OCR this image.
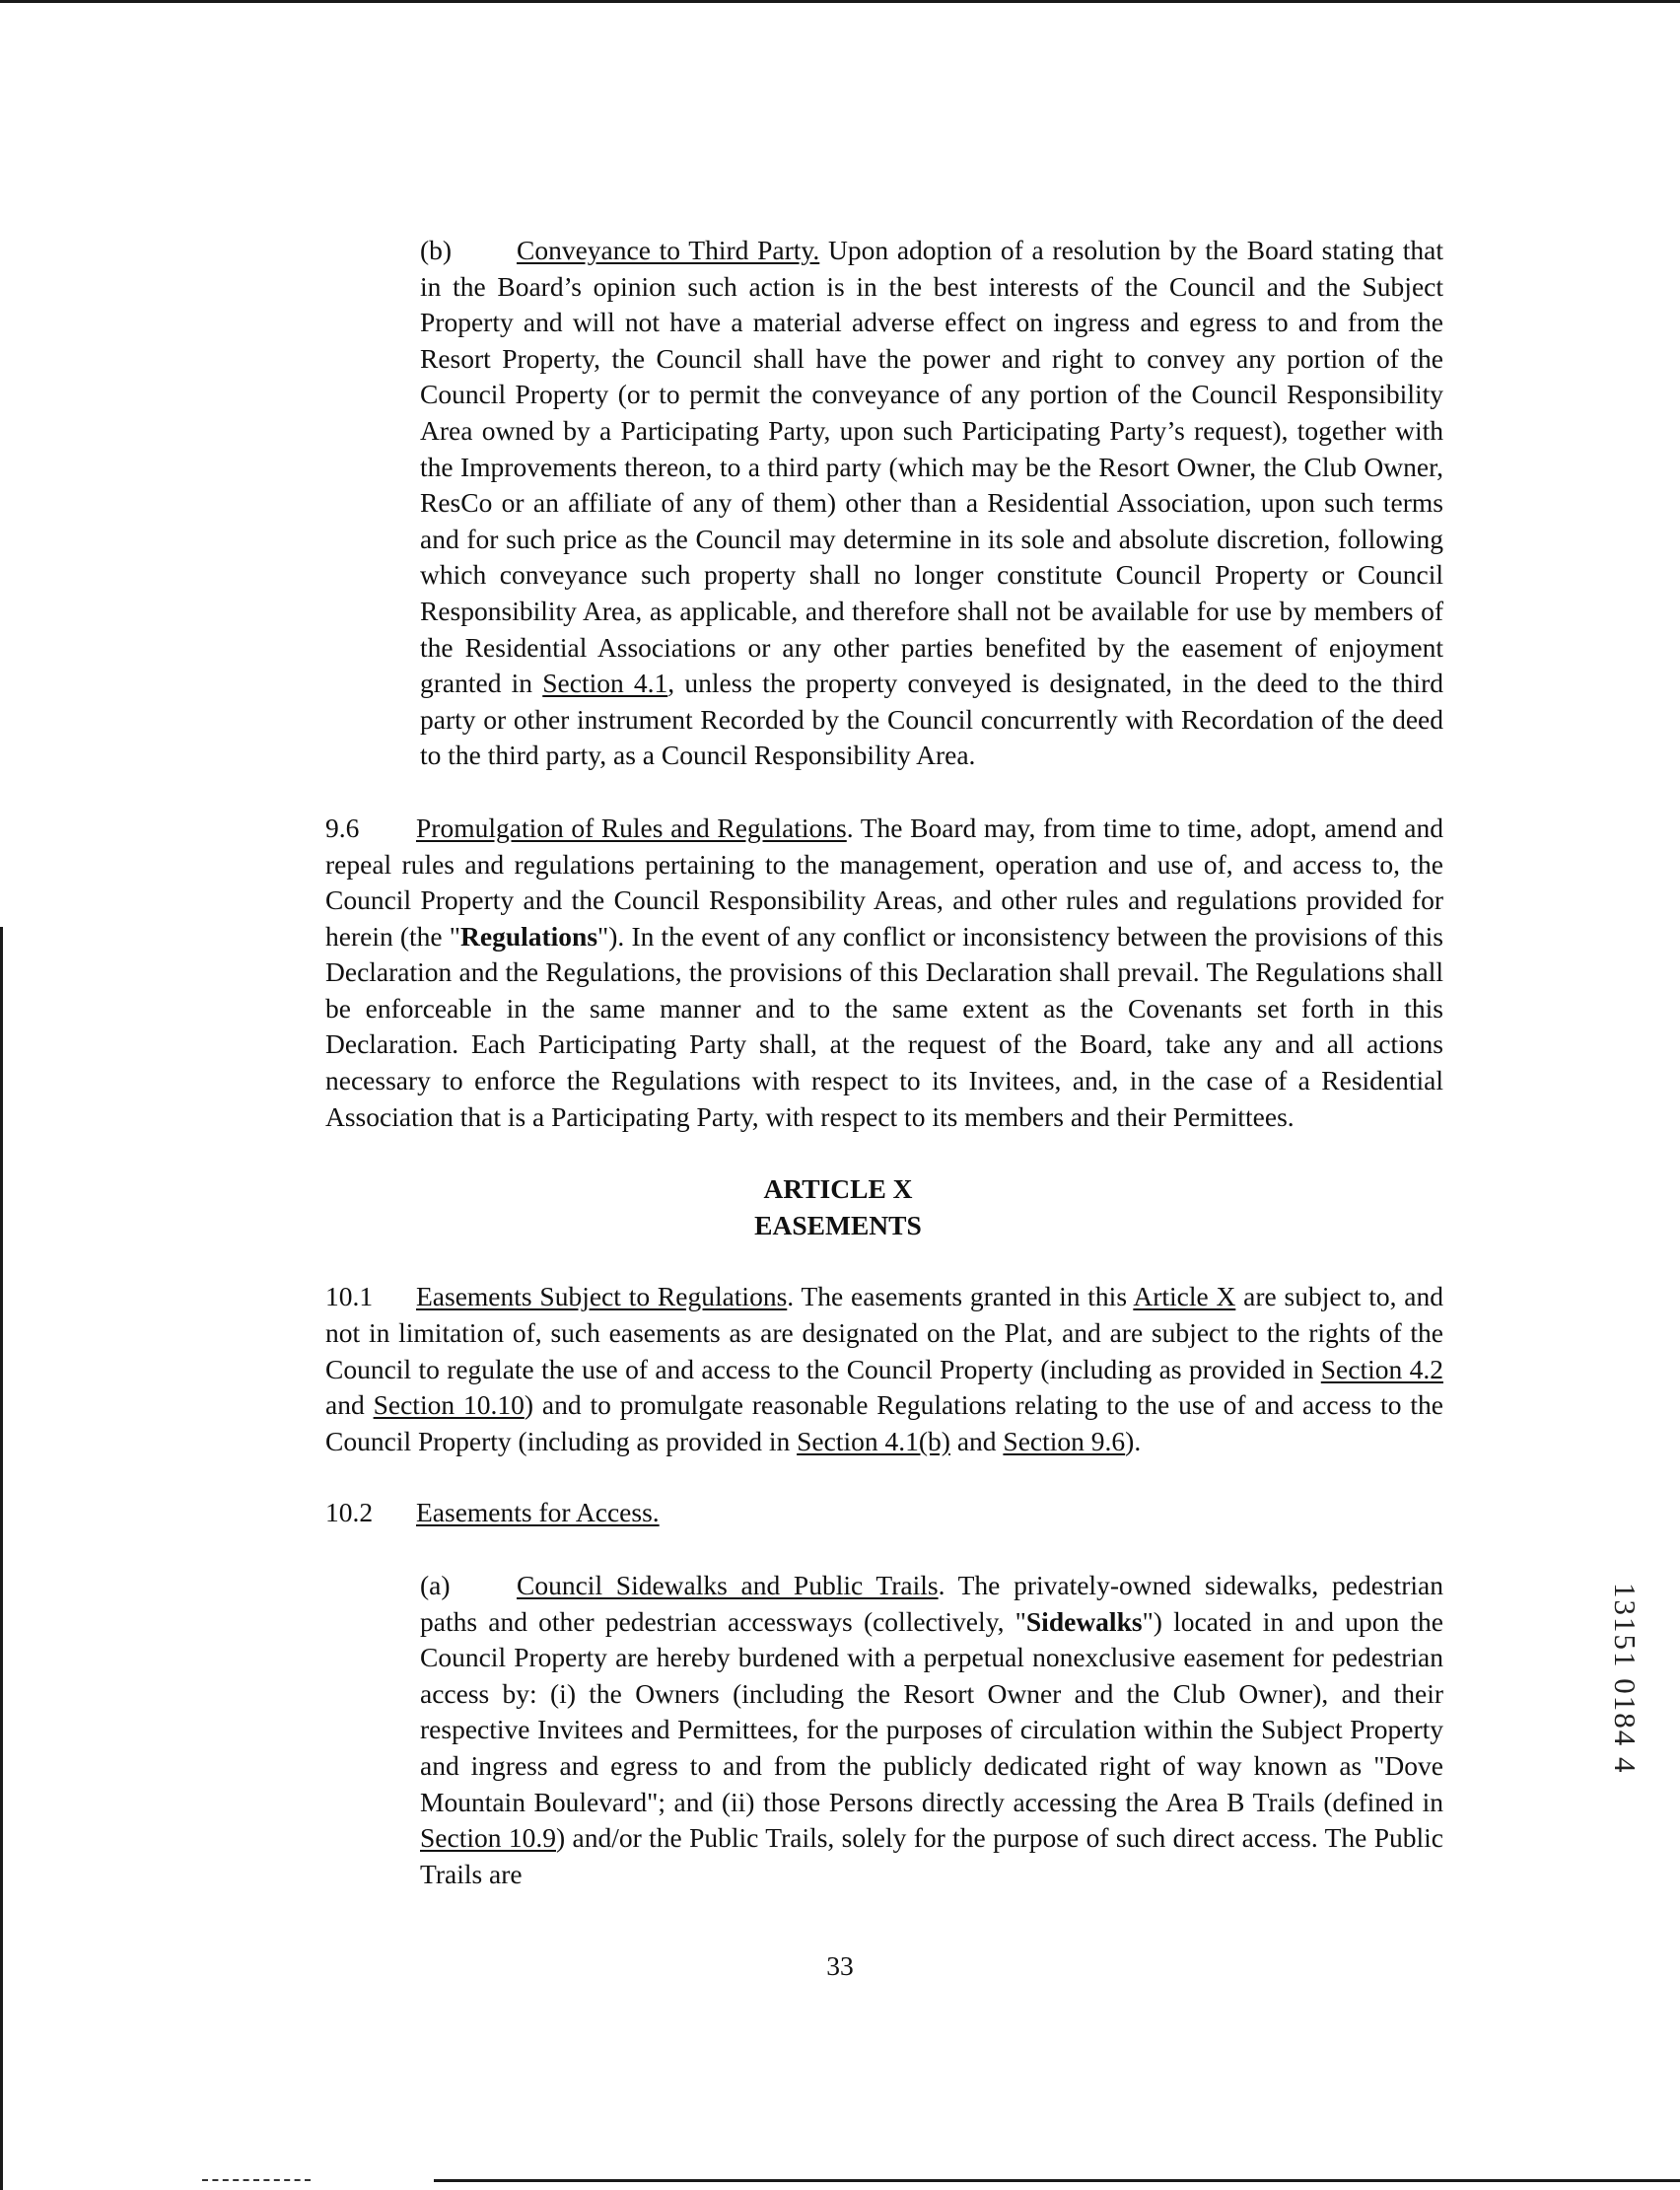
(b) Conveyance to Third Party. Upon adoption of a resolution by the Board stating that in the Board’s opinion such action is in the best interests of the Council and the Subject Property and will not have a material adverse effect on ingress and egress to and from the Resort Property, the Council shall have the power and right to convey any portion of the Council Property (or to permit the conveyance of any portion of the Council Responsibility Area owned by a Participating Party, upon such Participating Party’s request), together with the Improvements thereon, to a third party (which may be the Resort Owner, the Club Owner, ResCo or an affiliate of any of them) other than a Residential Association, upon such terms and for such price as the Council may determine in its sole and absolute discretion, following which conveyance such property shall no longer constitute Council Property or Council Responsibility Area, as applicable, and therefore shall not be available for use by members of the Residential Associations or any other parties benefited by the easement of enjoyment granted in Section 4.1, unless the property conveyed is designated, in the deed to the third party or other instrument Recorded by the Council concurrently with Recordation of the deed to the third party, as a Council Responsibility Area.

9.6 Promulgation of Rules and Regulations. The Board may, from time to time, adopt, amend and repeal rules and regulations pertaining to the management, operation and use of, and access to, the Council Property and the Council Responsibility Areas, and other rules and regulations provided for herein (the "Regulations"). In the event of any conflict or inconsistency between the provisions of this Declaration and the Regulations, the provisions of this Declaration shall prevail. The Regulations shall be enforceable in the same manner and to the same extent as the Covenants set forth in this Declaration. Each Participating Party shall, at the request of the Board, take any and all actions necessary to enforce the Regulations with respect to its Invitees, and, in the case of a Residential Association that is a Participating Party, with respect to its members and their Permittees.

ARTICLE X
EASEMENTS

10.1 Easements Subject to Regulations. The easements granted in this Article X are subject to, and not in limitation of, such easements as are designated on the Plat, and are subject to the rights of the Council to regulate the use of and access to the Council Property (including as provided in Section 4.2 and Section 10.10) and to promulgate reasonable Regulations relating to the use of and access to the Council Property (including as provided in Section 4.1(b) and Section 9.6).

10.2 Easements for Access.

(a) Council Sidewalks and Public Trails. The privately-owned sidewalks, pedestrian paths and other pedestrian accessways (collectively, "Sidewalks") located in and upon the Council Property are hereby burdened with a perpetual nonexclusive easement for pedestrian access by: (i) the Owners (including the Resort Owner and the Club Owner), and their respective Invitees and Permittees, for the purposes of circulation within the Subject Property and ingress and egress to and from the publicly dedicated right of way known as "Dove Mountain Boulevard"; and (ii) those Persons directly accessing the Area B Trails (defined in Section 10.9) and/or the Public Trails, solely for the purpose of such direct access. The Public Trails are

33
13151 0184 4
